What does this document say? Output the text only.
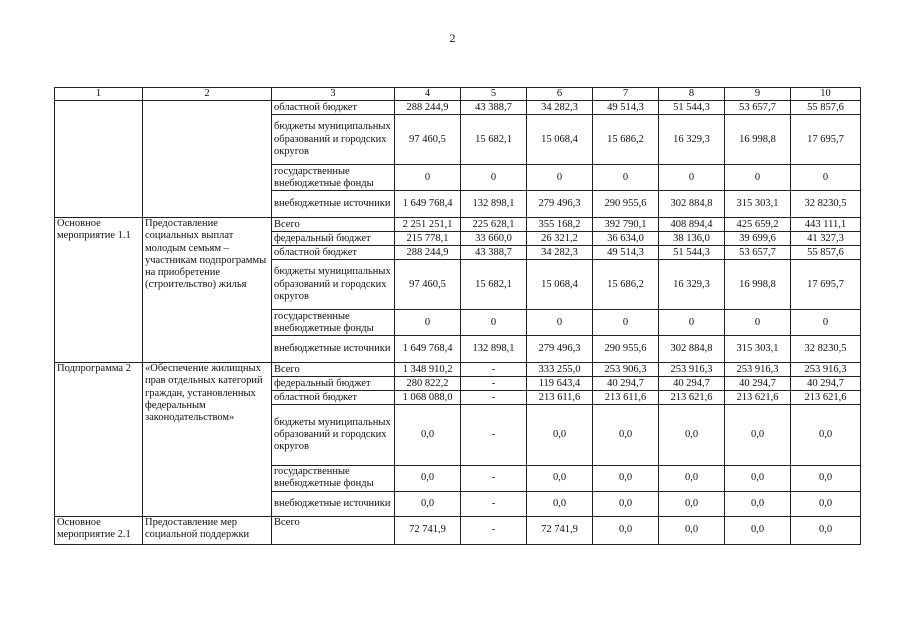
2
1	2	3	4	5	6	7	8	9	10
		областной бюджет	288 244,9	43 388,7	34 282,3	49 514,3	51 544,3	53 657,7	55 857,6
		бюджеты муниципальных образований и городских округов	97 460,5	15 682,1	15 068,4	15 686,2	16 329,3	16 998,8	17 695,7
		государственные внебюджетные фонды	0	0	0	0	0	0	0
		внебюджетные источники	1 649 768,4	132 898,1	279 496,3	290 955,6	302 884,8	315 303,1	32 8230,5
Основное мероприятие 1.1	Предоставление социальных выплат молодым семьям – участникам подпрограммы на приобретение (строительство) жилья	Всего	2 251 251,1	225 628,1	355 168,2	392 790,1	408 894,4	425 659,2	443 111,1
		федеральный бюджет	215 778,1	33 660,0	26 321,2	36 634,0	38 136,0	39 699,6	41 327,3
		областной бюджет	288 244,9	43 388,7	34 282,3	49 514,3	51 544,3	53 657,7	55 857,6
		бюджеты муниципальных образований и городских округов	97 460,5	15 682,1	15 068,4	15 686,2	16 329,3	16 998,8	17 695,7
		государственные внебюджетные фонды	0	0	0	0	0	0	0
		внебюджетные источники	1 649 768,4	132 898,1	279 496,3	290 955,6	302 884,8	315 303,1	32 8230,5
Подпрограмма 2	«Обеспечение жилищных прав отдельных категорий граждан, установленных федеральным законодательством»	Всего	1 348 910,2	-	333 255,0	253 906,3	253 916,3	253 916,3	253 916,3
		федеральный бюджет	280 822,2	-	119 643,4	40 294,7	40 294,7	40 294,7	40 294,7
		областной бюджет	1 068 088,0	-	213 611,6	213 611,6	213 621,6	213 621,6	213 621,6
		бюджеты муниципальных образований и городских округов	0,0	-	0,0	0,0	0,0	0,0	0,0
		государственные внебюджетные фонды	0,0	-	0,0	0,0	0,0	0,0	0,0
		внебюджетные источники	0,0	-	0,0	0,0	0,0	0,0	0,0
Основное мероприятие 2.1	Предоставление мер социальной поддержки	Всего	72 741,9	-	72 741,9	0,0	0,0	0,0	0,0
